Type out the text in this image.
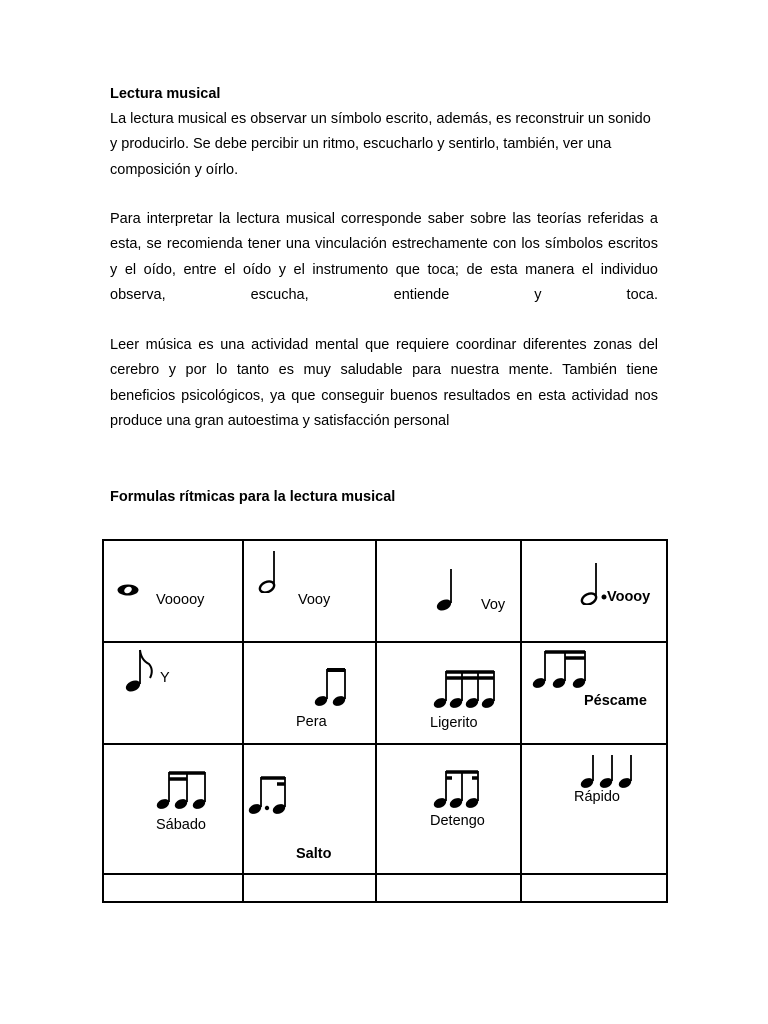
Lectura musical

La lectura musical es observar un símbolo escrito, además, es reconstruir un sonido y producirlo. Se debe percibir un ritmo, escucharlo y sentirlo, también, ver una composición y oírlo.

Para interpretar la lectura musical corresponde saber sobre las teorías referidas a esta, se recomienda tener una vinculación estrechamente con los símbolos escritos y el oído, entre el oído y el instrumento que toca; de esta manera el individuo observa, escucha, entiende y toca.

Leer música es una actividad mental que requiere coordinar diferentes zonas del cerebro y por lo tanto es muy saludable para nuestra mente. También tiene beneficios psicológicos, ya que conseguir buenos resultados en esta actividad nos produce una gran autoestima y satisfacción personal

Formulas rítmicas para la lectura musical

Vooooy	Vooy	Voy	Voooy

Y	Pera	Ligerito	Péscame

Sábado	Salto	Detengo	Rápido
